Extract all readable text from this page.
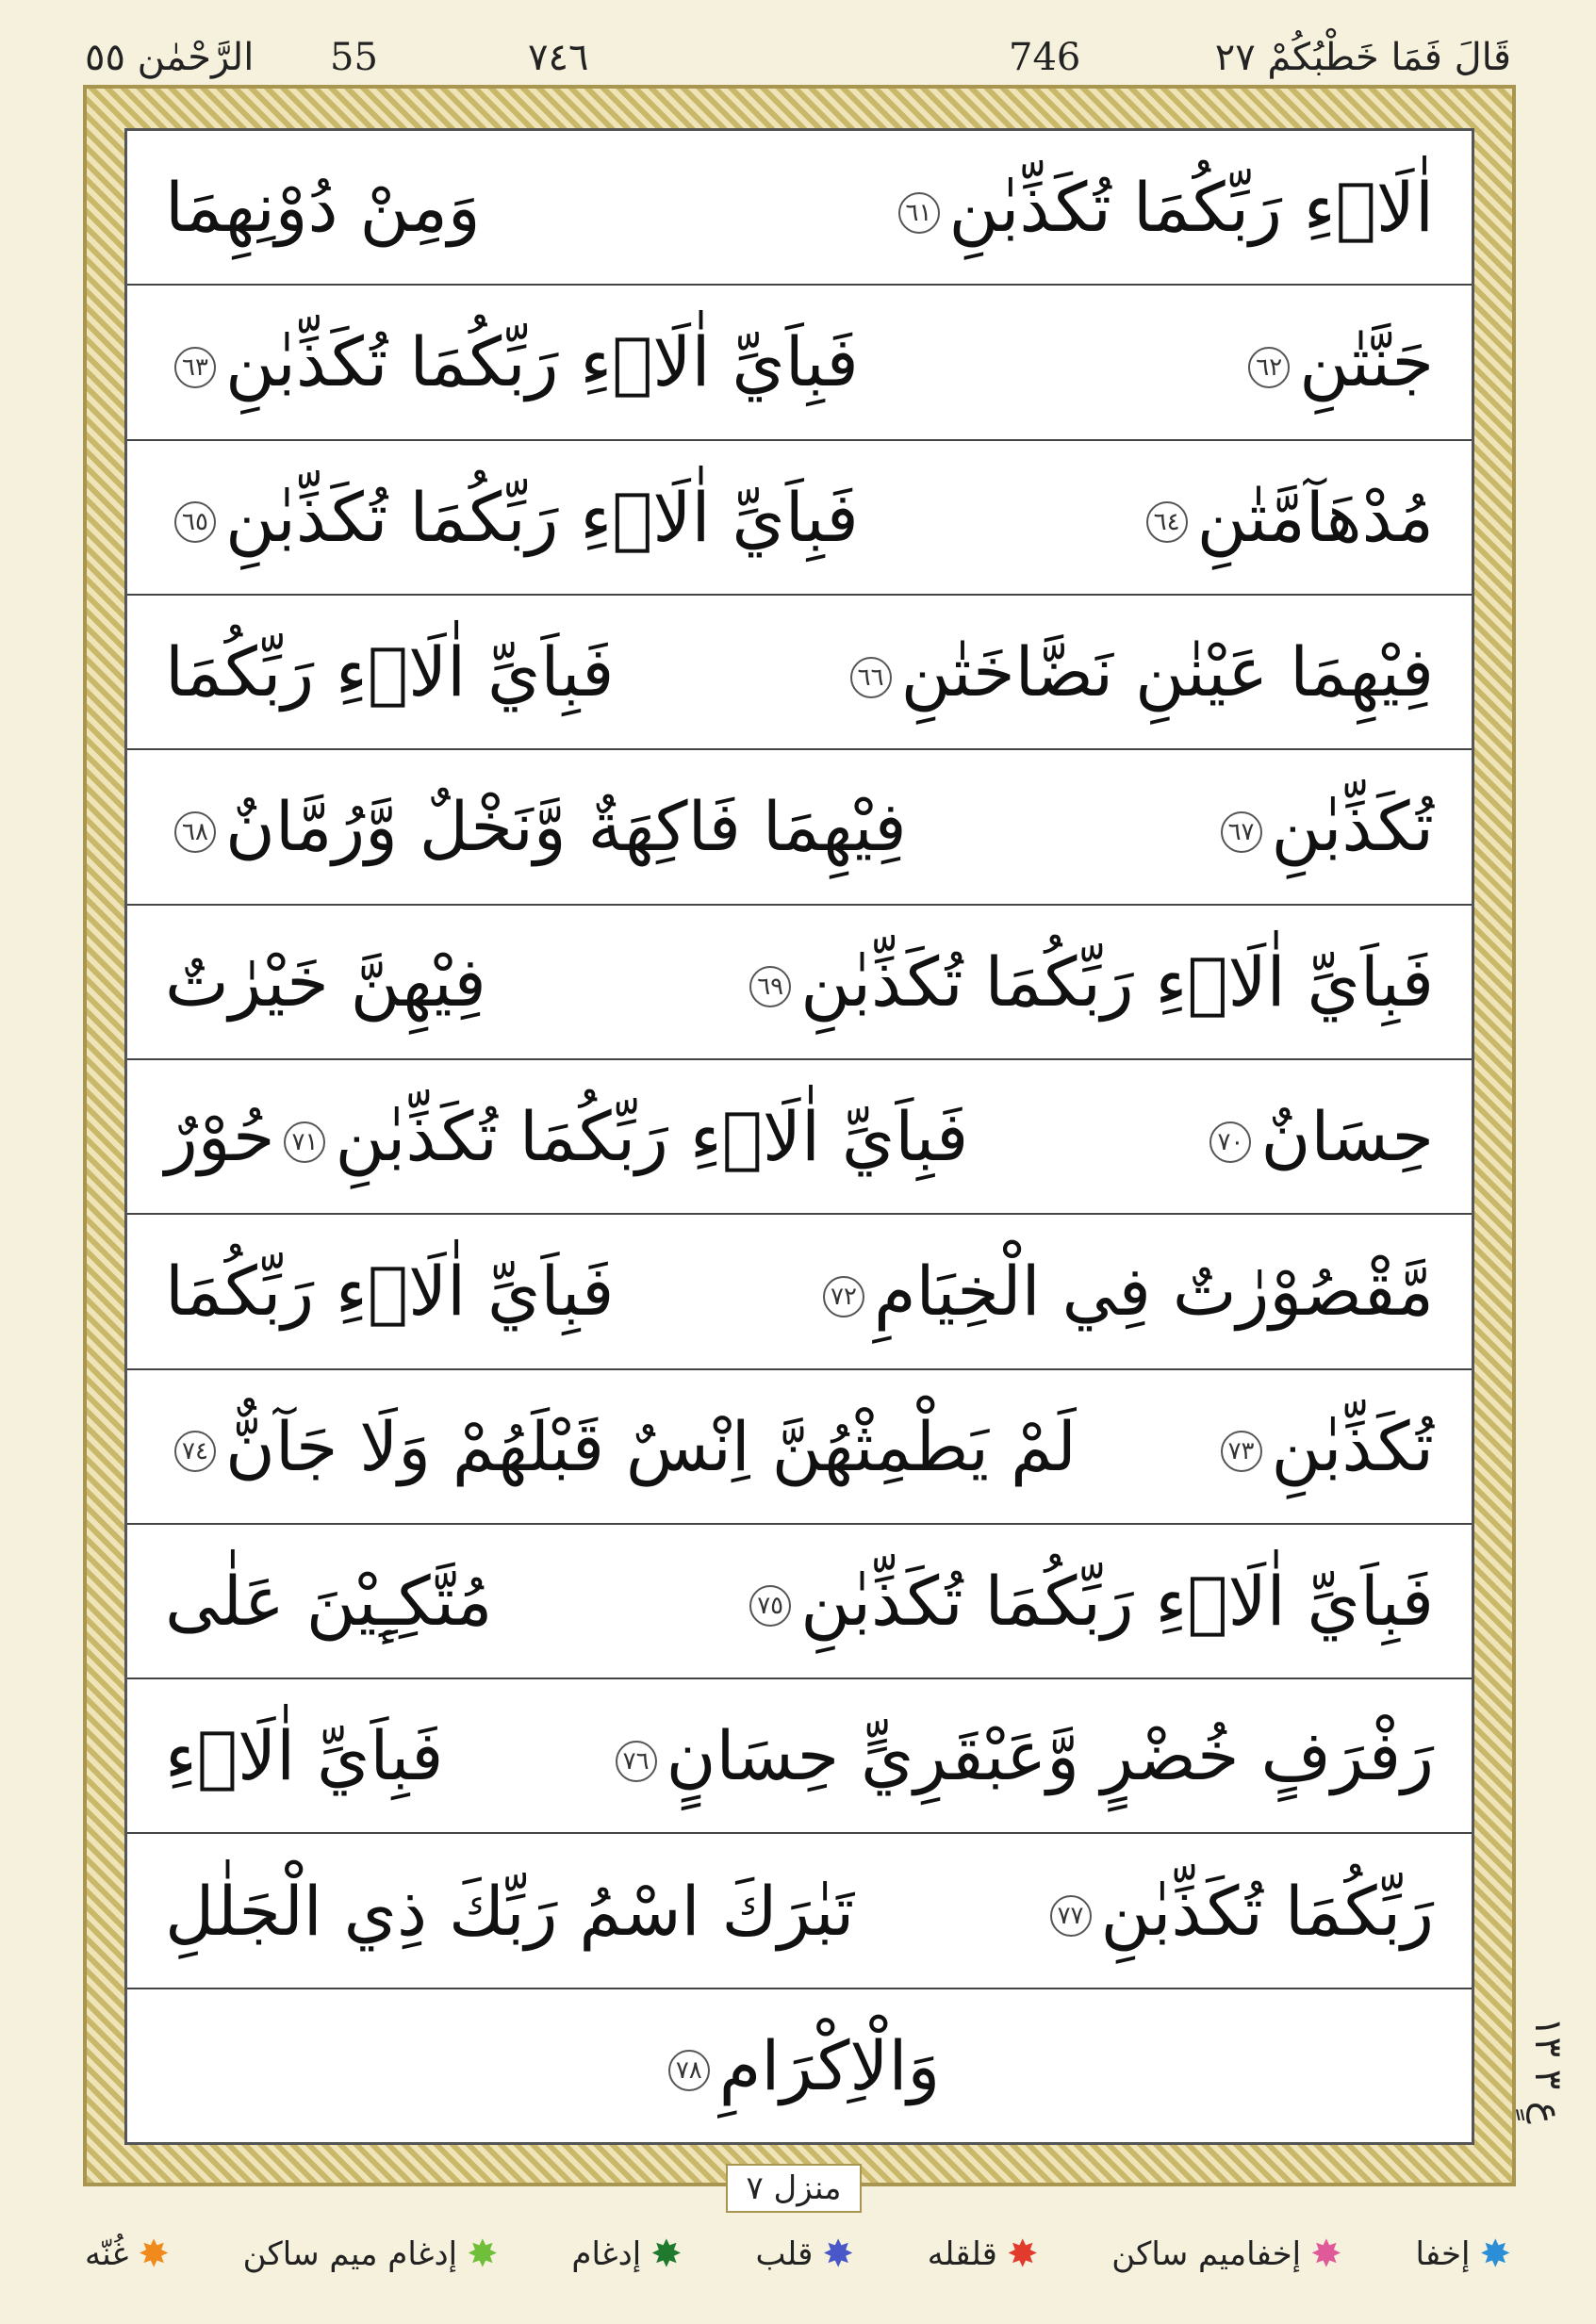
الرَّحْمٰن ٥٥ 55	٧٤٦	746	قَالَ فَمَا خَطْبُكُمْ ٢٧
اٰلَاۤءِ رَبِّكُمَا تُكَذِّبٰنِ٦١
وَمِنْ دُوْنِهِمَا
جَنَّتٰنِ٦٢
فَبِاَيِّ اٰلَاۤءِ رَبِّكُمَا تُكَذِّبٰنِ٦٣
مُدْهَآمَّتٰنِ٦٤
فَبِاَيِّ اٰلَاۤءِ رَبِّكُمَا تُكَذِّبٰنِ٦٥
فِيْهِمَا عَيْنٰنِ نَضَّاخَتٰنِ٦٦
فَبِاَيِّ اٰلَاۤءِ رَبِّكُمَا
تُكَذِّبٰنِ٦٧
فِيْهِمَا فَاكِهَةٌ وَّنَخْلٌ وَّرُمَّانٌ٦٨
فَبِاَيِّ اٰلَاۤءِ رَبِّكُمَا تُكَذِّبٰنِ٦٩
فِيْهِنَّ خَيْرٰتٌ
حِسَانٌ٧٠
فَبِاَيِّ اٰلَاۤءِ رَبِّكُمَا تُكَذِّبٰنِ٧١حُوْرٌ
مَّقْصُوْرٰتٌ فِي الْخِيَامِ٧٢
فَبِاَيِّ اٰلَاۤءِ رَبِّكُمَا
تُكَذِّبٰنِ٧٣
لَمْ يَطْمِثْهُنَّ اِنْسٌ قَبْلَهُمْ وَلَا جَآنٌّ٧٤
فَبِاَيِّ اٰلَاۤءِ رَبِّكُمَا تُكَذِّبٰنِ٧٥
مُتَّكِـِٕيْنَ عَلٰى
رَفْرَفٍ خُضْرٍ وَّعَبْقَرِيٍّ حِسَانٍ٧٦
فَبِاَيِّ اٰلَاۤءِ
رَبِّكُمَا تُكَذِّبٰنِ٧٧
تَبٰرَكَ اسْمُ رَبِّكَ ذِي الْجَلٰلِ
وَالْاِكْرَامِ٧٨
عٍ ٣ ١٣
منزل ٧
✸
إخفا
✸
إخفاميم ساكن
✸
قلقله
✸
قلب
✸
إدغام
✸
إدغام ميم ساكن
✸
غُنّه
